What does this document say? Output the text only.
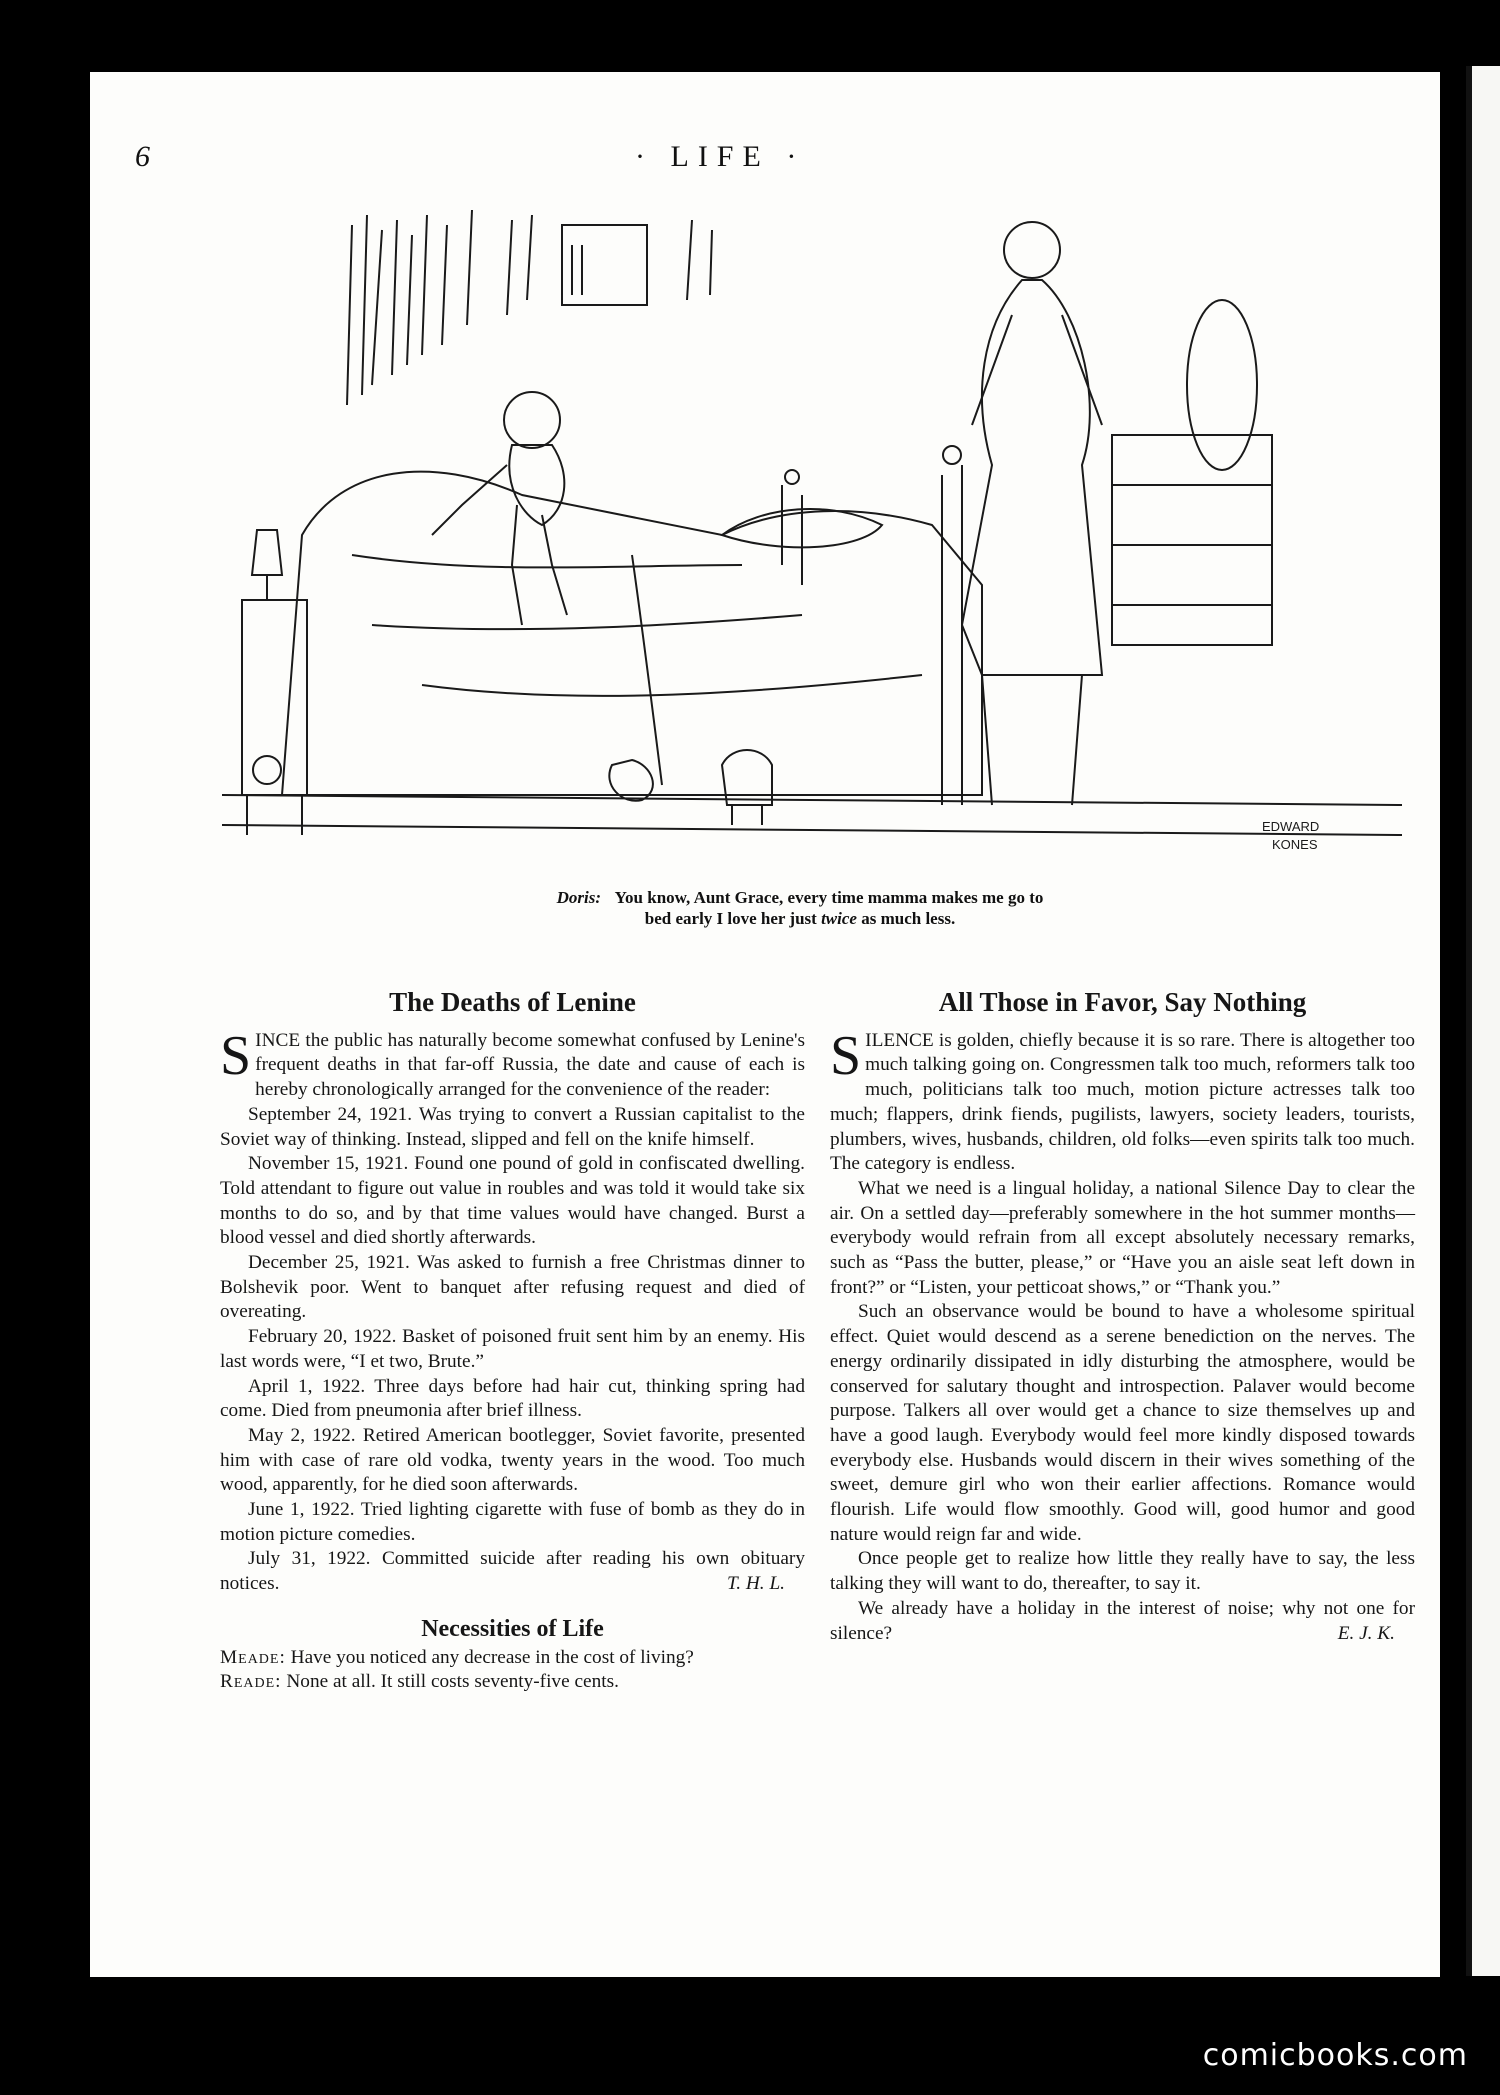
6	· LIFE ·
EDWARD
KONES
Doris: You know, Aunt Grace, every time mamma makes me go to
bed early I love her just twice as much less.
The Deaths of Lenine

SINCE the public has naturally become somewhat confused by Lenine's frequent deaths in that far-off Russia, the date and cause of each is hereby chronologically arranged for the convenience of the reader:

September 24, 1921. Was trying to convert a Russian capitalist to the Soviet way of thinking. Instead, slipped and fell on the knife himself.

November 15, 1921. Found one pound of gold in confiscated dwelling. Told attendant to figure out value in roubles and was told it would take six months to do so, and by that time values would have changed. Burst a blood vessel and died shortly afterwards.

December 25, 1921. Was asked to furnish a free Christmas dinner to Bolshevik poor. Went to banquet after refusing request and died of overeating.

February 20, 1922. Basket of poisoned fruit sent him by an enemy. His last words were, “I et two, Brute.”

April 1, 1922. Three days before had hair cut, thinking spring had come. Died from pneumonia after brief illness.

May 2, 1922. Retired American bootlegger, Soviet favorite, presented him with case of rare old vodka, twenty years in the wood. Too much wood, apparently, for he died soon afterwards.

June 1, 1922. Tried lighting cigarette with fuse of bomb as they do in motion picture comedies.

July 31, 1922. Committed suicide after reading his own obituary notices.	T. H. L.

Necessities of Life

Meade: Have you noticed any decrease in the cost of living?

Reade: None at all. It still costs seventy-five cents.

All Those in Favor, Say Nothing

SILENCE is golden, chiefly because it is so rare. There is altogether too much talking going on. Congressmen talk too much, reformers talk too much, politicians talk too much, motion picture actresses talk too much; flappers, drink fiends, pugilists, lawyers, society leaders, tourists, plumbers, wives, husbands, children, old folks—even spirits talk too much. The category is endless.

What we need is a lingual holiday, a national Silence Day to clear the air. On a settled day—preferably somewhere in the hot summer months—everybody would refrain from all except absolutely necessary remarks, such as “Pass the butter, please,” or “Have you an aisle seat left down in front?” or “Listen, your petticoat shows,” or “Thank you.”

Such an observance would be bound to have a wholesome spiritual effect. Quiet would descend as a serene benediction on the nerves. The energy ordinarily dissipated in idly disturbing the atmosphere, would be conserved for salutary thought and introspection. Palaver would become purpose. Talkers all over would get a chance to size themselves up and have a good laugh. Everybody would feel more kindly disposed towards everybody else. Husbands would discern in their wives something of the sweet, demure girl who won their earlier affections. Romance would flourish. Life would flow smoothly. Good will, good humor and good nature would reign far and wide.

Once people get to realize how little they really have to say, the less talking they will want to do, thereafter, to say it.

We already have a holiday in the interest of noise; why not one for silence?	E. J. K.

comicbooks.com
